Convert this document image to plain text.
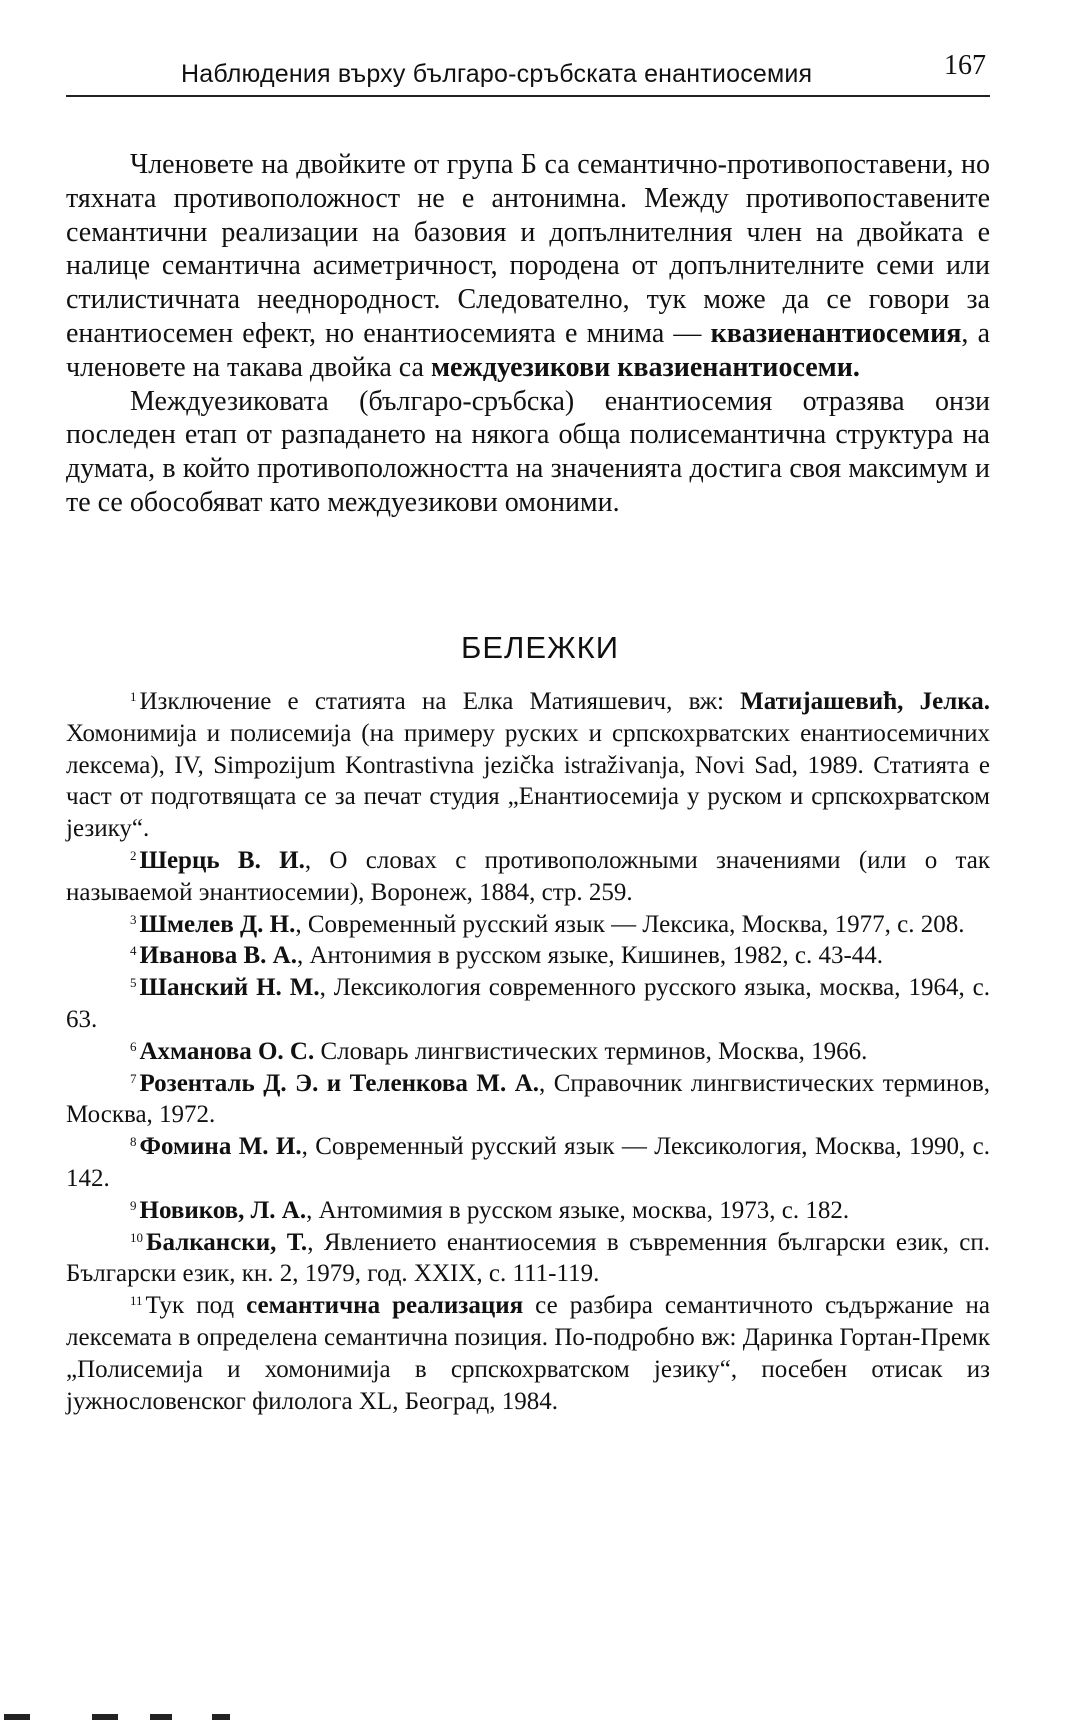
Наблюдения върху българо-сръбската енантиосемия	167

Членовете на двойките от група Б са семантично-противопоставени, но тяхната противоположност не е антонимна. Между противопоставените семантични реализации на базовия и допълнителния член на двойката е налице семантична асиметричност, породена от допълнителните семи или стилистичната нееднородност. Следователно, тук може да се говори за енантиосемен ефект, но енантиосемията е мнима — квазиенантиосемия, а членовете на такава двойка са междуезикови квазиенантиосеми.

Междуезиковата (българо-сръбска) енантиосемия отразява онзи последен етап от разпадането на някога обща полисемантична структура на думата, в който противоположността на значенията достига своя максимум и те се обособяват като междуезикови омоними.

БЕЛЕЖКИ

$^1$ Изключение е статията на Елка Матияшевич, вж: Матијашевић, Јелка. Хомонимија и полисемија (на примеру руских и српскохрватских енантиосемичних лексема), IV, Simpozijum Kontrastivna jezička istraživanja, Novi Sad, 1989. Статията е част от подготвящата се за печат студия „Енантиосемија у руском и српскохрватском језику“.

$^2$ Шерць В. И., О словах с противоположными значениями (или о так называемой энантиосемии), Воронеж, 1884, стр. 259.

$^3$ Шмелев Д. Н., Современный русский язык — Лексика, Москва, 1977, с. 208.

$^4$ Иванова В. А., Антонимия в русском языке, Кишинев, 1982, с. 43-44.

$^5$ Шанский Н. М., Лексикология современного русского языка, москва, 1964, с. 63.

$^6$ Ахманова О. С. Словарь лингвистических терминов, Москва, 1966.

$^7$ Розенталь Д. Э. и Теленкова М. А., Справочник лингвистических терминов, Москва, 1972.

$^8$ Фомина М. И., Современный русский язык — Лексикология, Москва, 1990, с. 142.

$^9$ Новиков, Л. А., Антомимия в русском языке, москва, 1973, с. 182.

$^{10}$ Балкански, Т., Явлението енантиосемия в съвременния български език, сп. Български език, кн. 2, 1979, год. XXIX, с. 111-119.

$^{11}$ Тук под семантична реализация се разбира семантичното съдържание на лексемата в определена семантична позиция. По-подробно вж: Даринка Гортан-Премк „Полисемија и хомонимија в српскохрватском језику“, посебен отисак из јужнословенског филолога XL, Београд, 1984.
